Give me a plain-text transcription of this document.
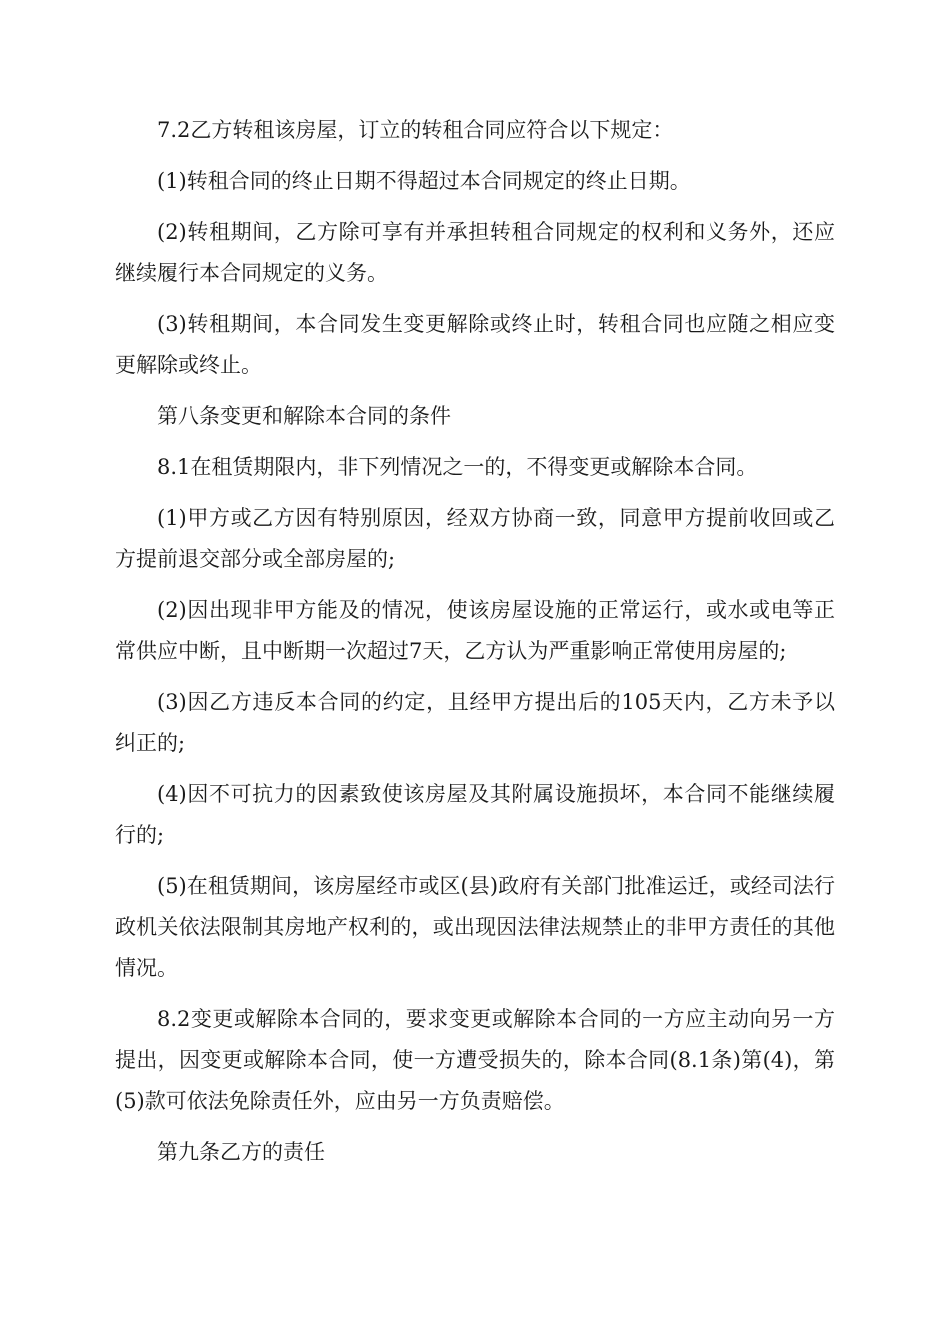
7.2乙方转租该房屋，订立的转租合同应符合以下规定：

(1)转租合同的终止日期不得超过本合同规定的终止日期。

(2)转租期间，乙方除可享有并承担转租合同规定的权利和义务外，还应继续履行本合同规定的义务。

(3)转租期间，本合同发生变更解除或终止时，转租合同也应随之相应变更解除或终止。

第八条变更和解除本合同的条件

8.1在租赁期限内，非下列情况之一的，不得变更或解除本合同。

(1)甲方或乙方因有特别原因，经双方协商一致，同意甲方提前收回或乙方提前退交部分或全部房屋的;

(2)因出现非甲方能及的情况，使该房屋设施的正常运行，或水或电等正常供应中断，且中断期一次超过7天，乙方认为严重影响正常使用房屋的;

(3)因乙方违反本合同的约定，且经甲方提出后的105天内，乙方未予以纠正的;

(4)因不可抗力的因素致使该房屋及其附属设施损坏，本合同不能继续履行的;

(5)在租赁期间，该房屋经市或区(县)政府有关部门批准运迁，或经司法行政机关依法限制其房地产权利的，或出现因法律法规禁止的非甲方责任的其他情况。

8.2变更或解除本合同的，要求变更或解除本合同的一方应主动向另一方提出，因变更或解除本合同，使一方遭受损失的，除本合同(8.1条)第(4)，第(5)款可依法免除责任外，应由另一方负责赔偿。

第九条乙方的责任
